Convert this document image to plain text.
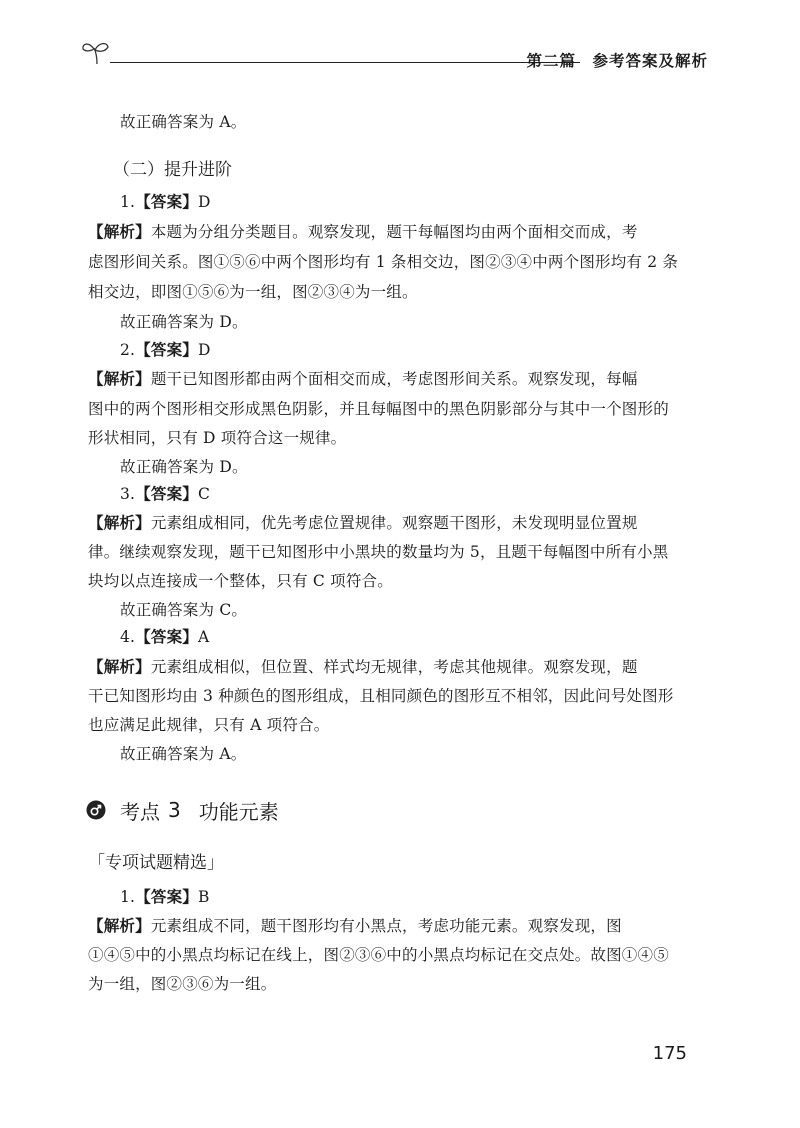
第二篇　参考答案及解析
故正确答案为 A。
（二）提升进阶
1.【答案】D
【解析】本题为分组分类题目。观察发现，题干每幅图均由两个面相交而成，考
虑图形间关系。图①⑤⑥中两个图形均有 1 条相交边，图②③④中两个图形均有 2 条
相交边，即图①⑤⑥为一组，图②③④为一组。
故正确答案为 D。
2.【答案】D
【解析】题干已知图形都由两个面相交而成，考虑图形间关系。观察发现，每幅
图中的两个图形相交形成黑色阴影，并且每幅图中的黑色阴影部分与其中一个图形的
形状相同，只有 D 项符合这一规律。
故正确答案为 D。
3.【答案】C
【解析】元素组成相同，优先考虑位置规律。观察题干图形，未发现明显位置规
律。继续观察发现，题干已知图形中小黑块的数量均为 5，且题干每幅图中所有小黑
块均以点连接成一个整体，只有 C 项符合。
故正确答案为 C。
4.【答案】A
【解析】元素组成相似，但位置、样式均无规律，考虑其他规律。观察发现，题
干已知图形均由 3 种颜色的图形组成，且相同颜色的图形互不相邻，因此问号处图形
也应满足此规律，只有 A 项符合。
故正确答案为 A。
考点 3 功能元素
「专项试题精选」
1.【答案】B
【解析】元素组成不同，题干图形均有小黑点，考虑功能元素。观察发现，图
①④⑤中的小黑点均标记在线上，图②③⑥中的小黑点均标记在交点处。故图①④⑤
为一组，图②③⑥为一组。
175
